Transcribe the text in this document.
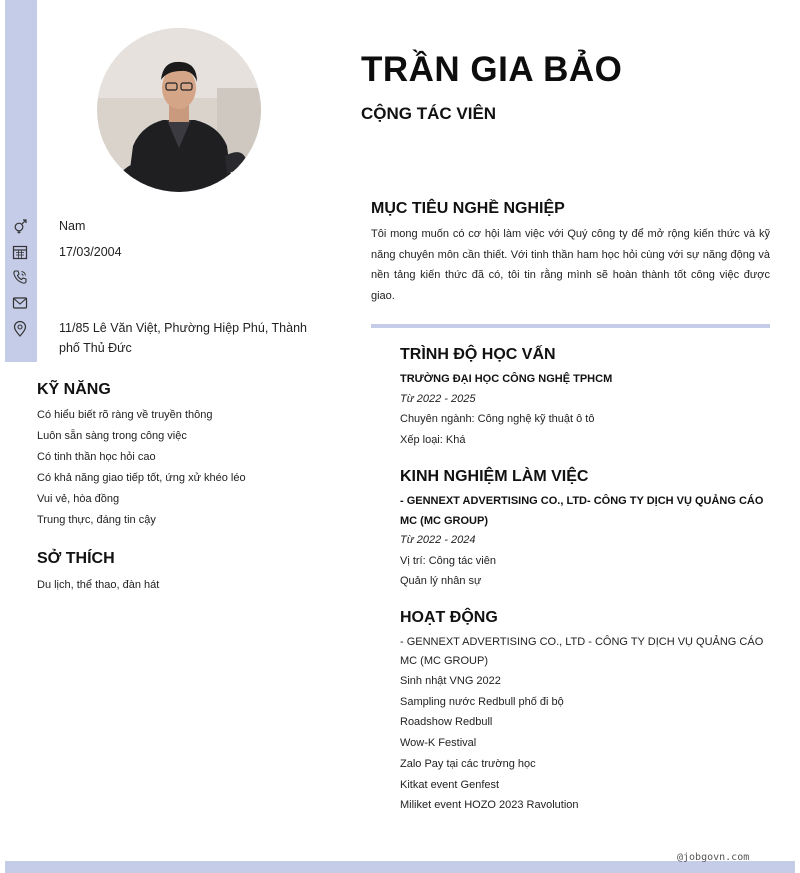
TRẦN GIA BẢO
CỘNG TÁC VIÊN
Nam
17/03/2004
11/85 Lê Văn Việt, Phường Hiệp Phú, Thành phố Thủ Đức
KỸ NĂNG
Có hiểu biết rõ ràng về truyền thông
Luôn sẵn sàng trong công việc
Có tinh thần học hỏi cao
Có khả năng giao tiếp tốt, ứng xử khéo léo
Vui vẻ, hòa đồng
Trung thực, đáng tin cậy
SỞ THÍCH
Du lịch, thể thao, đàn hát
MỤC TIÊU NGHỀ NGHIỆP
Tôi mong muốn có cơ hội làm việc với Quý công ty để mở rộng kiến thức và kỹ năng chuyên môn cần thiết. Với tinh thần ham học hỏi cùng với sự năng động và nền tảng kiến thức đã có, tôi tin rằng mình sẽ hoàn thành tốt công việc được giao.
TRÌNH ĐỘ HỌC VẤN
TRƯỜNG ĐẠI HỌC CÔNG NGHỆ TPHCM
Từ 2022 - 2025
Chuyên ngành: Công nghệ kỹ thuật ô tô
Xếp loại: Khá
KINH NGHIỆM LÀM VIỆC
- GENNEXT ADVERTISING CO., LTD- CÔNG TY DỊCH VỤ QUẢNG CÁO MC (MC GROUP)
Từ 2022 - 2024
Vị trí: Công tác viên
Quản lý nhân sự
HOẠT ĐỘNG
- GENNEXT ADVERTISING CO., LTD - CÔNG TY DỊCH VỤ QUẢNG CÁO MC (MC GROUP)
Sinh nhật VNG 2022
Sampling nước Redbull phố đi bộ
Roadshow Redbull
Wow-K Festival
Zalo Pay tại các trường học
Kitkat event Genfest
Miliket event HOZO 2023 Ravolution
@jobgovn.com
